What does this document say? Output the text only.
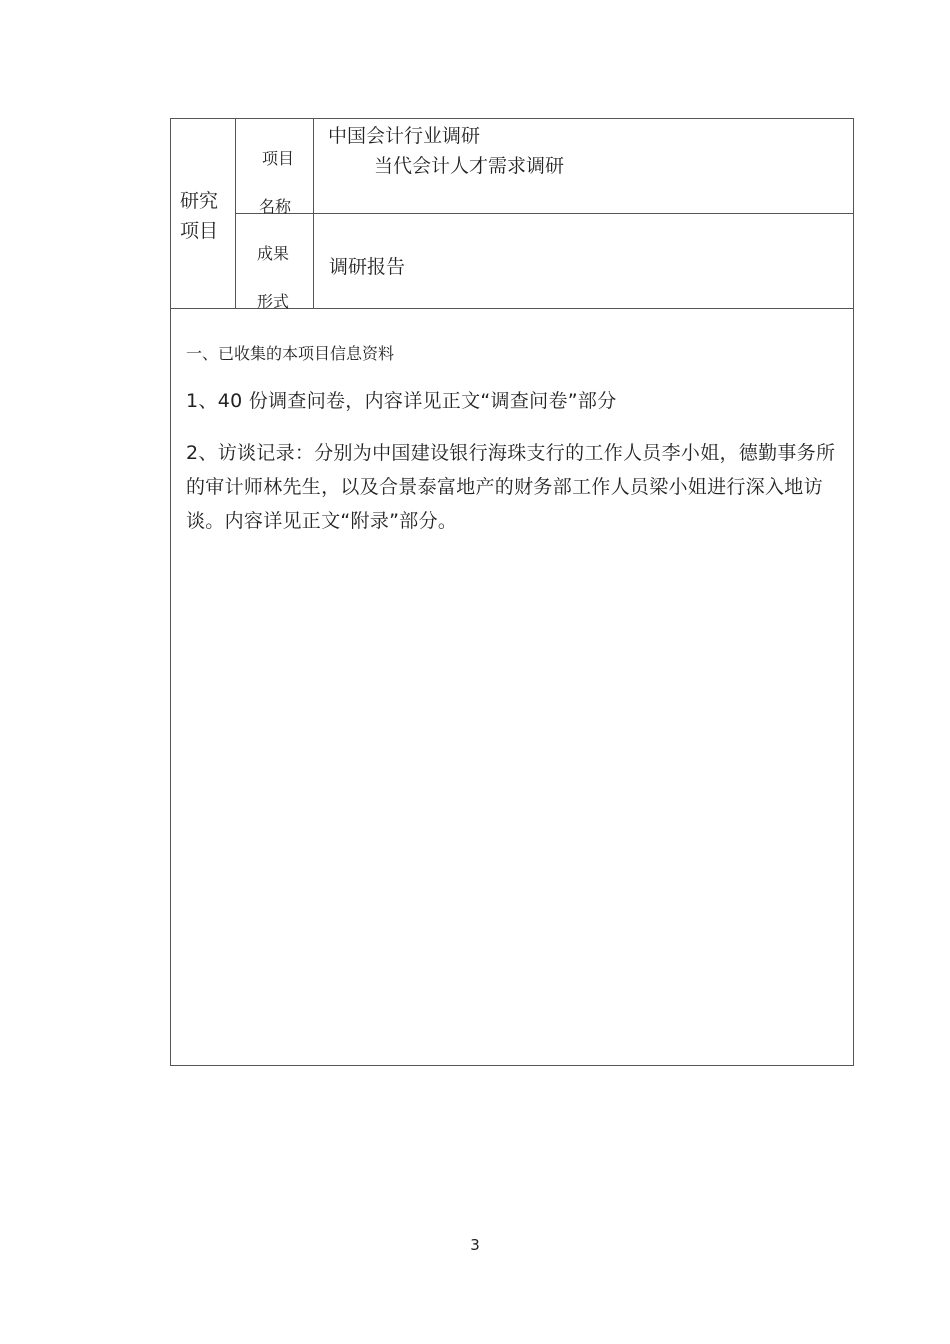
研究
项目
项目
名称
中国会计行业调研
当代会计人才需求调研
成果
形式
调研报告

一、已收集的本项目信息资料

1、40 份调查问卷，内容详见正文“调查问卷”部分

2、访谈记录：分别为中国建设银行海珠支行的工作人员李小姐，德勤事务所的审计师林先生，以及合景泰富地产的财务部工作人员梁小姐进行深入地访谈。内容详见正文“附录”部分。

3
